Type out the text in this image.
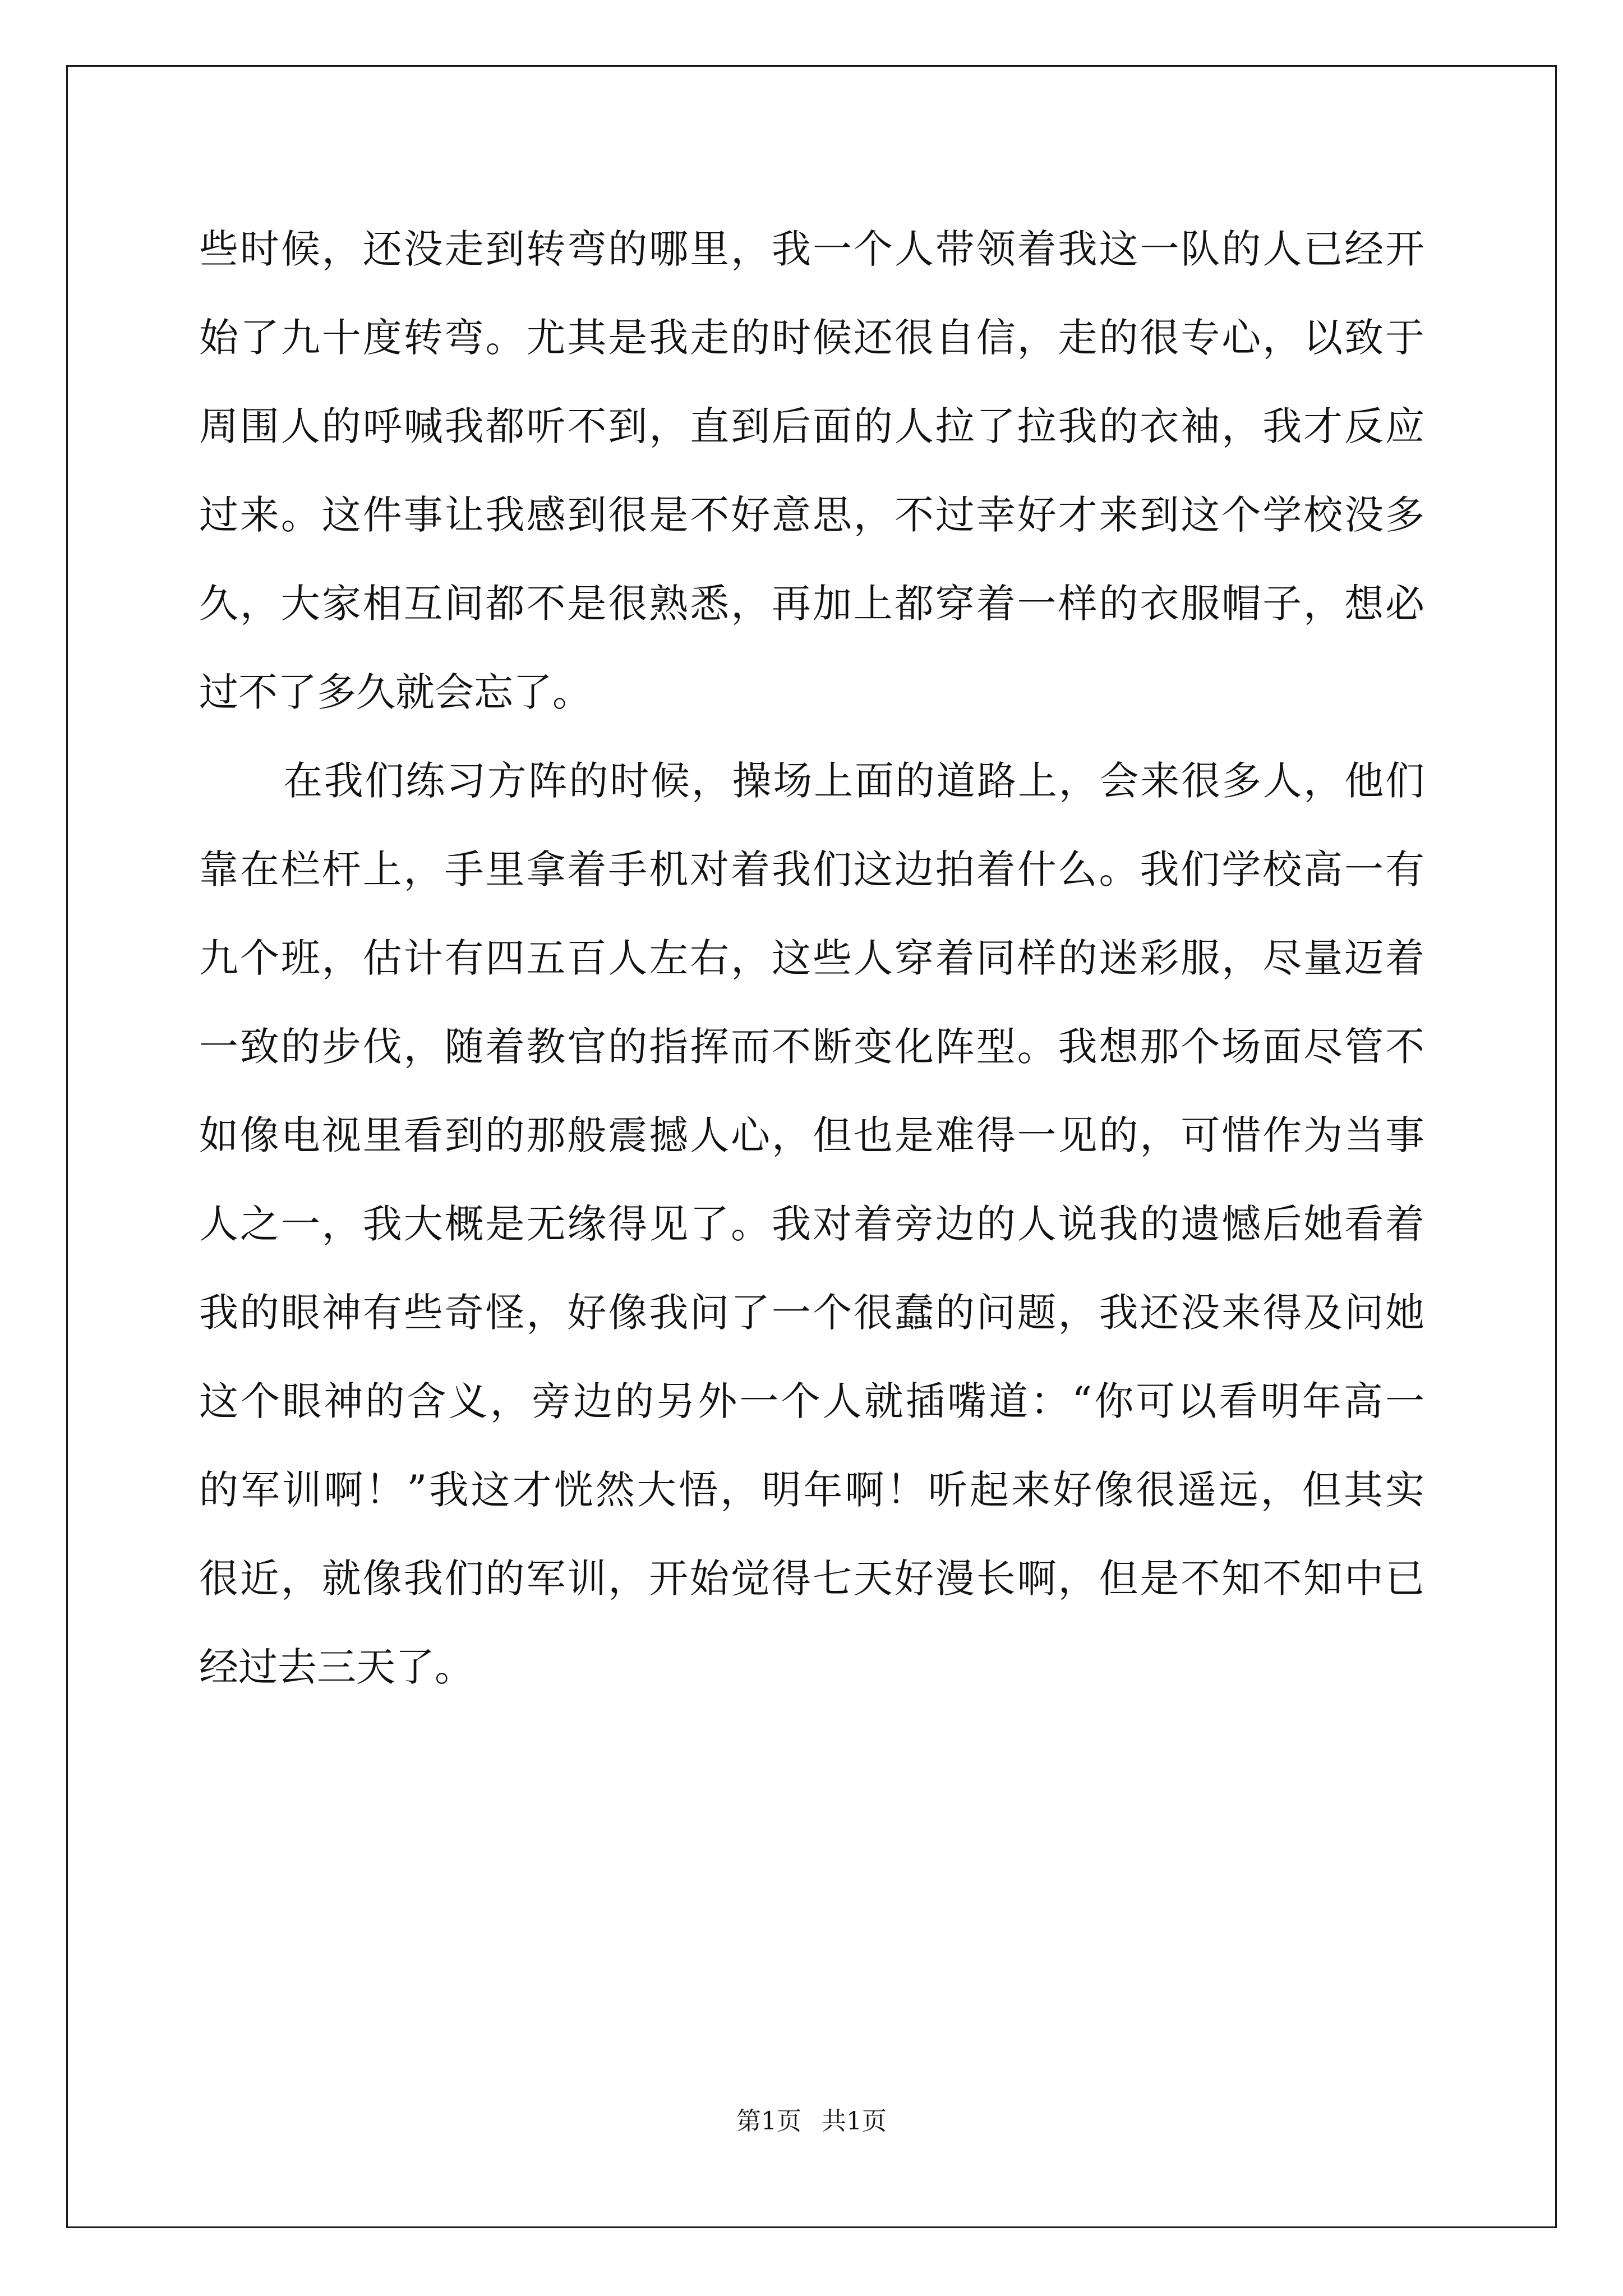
些时候，还没走到转弯的哪里，我一个人带领着我这一队的人已经开
始了九十度转弯。尤其是我走的时候还很自信，走的很专心，以致于
周围人的呼喊我都听不到，直到后面的人拉了拉我的衣袖，我才反应
过来。这件事让我感到很是不好意思，不过幸好才来到这个学校没多
久，大家相互间都不是很熟悉，再加上都穿着一样的衣服帽子，想必
过不了多久就会忘了。
在我们练习方阵的时候，操场上面的道路上，会来很多人，他们
靠在栏杆上，手里拿着手机对着我们这边拍着什么。我们学校高一有
九个班，估计有四五百人左右，这些人穿着同样的迷彩服，尽量迈着
一致的步伐，随着教官的指挥而不断变化阵型。我想那个场面尽管不
如像电视里看到的那般震撼人心，但也是难得一见的，可惜作为当事
人之一，我大概是无缘得见了。我对着旁边的人说我的遗憾后她看着
我的眼神有些奇怪，好像我问了一个很蠢的问题，我还没来得及问她
这个眼神的含义，旁边的另外一个人就插嘴道：“你可以看明年高一
的军训啊！”我这才恍然大悟，明年啊！听起来好像很遥远，但其实
很近，就像我们的军训，开始觉得七天好漫长啊，但是不知不知中已
经过去三天了。
第1页 共1页
